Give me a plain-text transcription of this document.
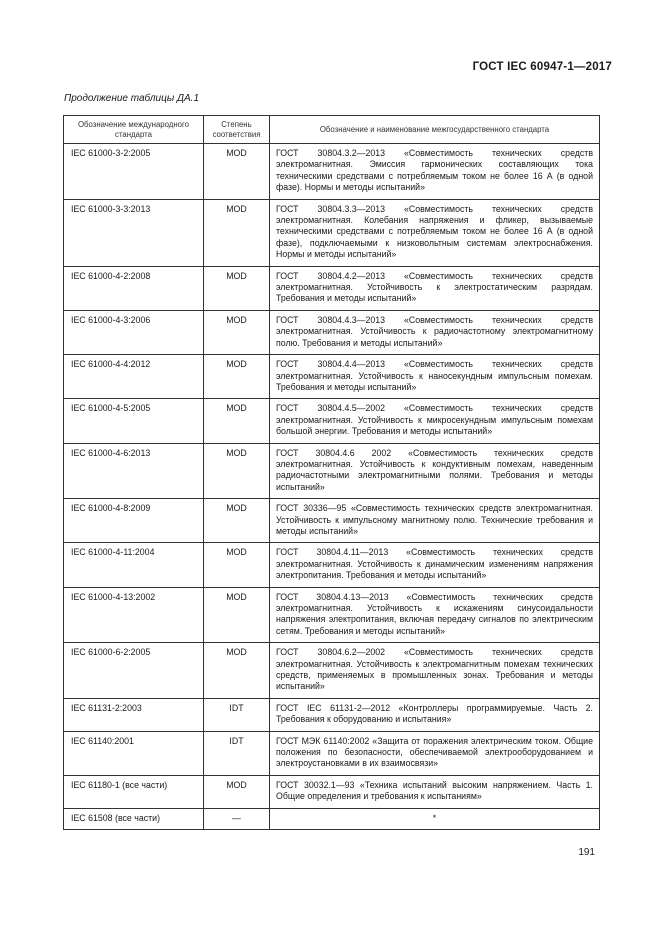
ГОСТ IEC 60947-1—2017
Продолжение таблицы ДА.1
Обозначение международного стандарта	Степень соответствия	Обозначение и наименование межгосударственного стандарта
IEC 61000-3-2:2005	MOD	ГОСТ 30804.3.2—2013 «Совместимость технических средств электромагнитная. Эмиссия гармонических составляющих тока техническими средствами с потребляемым током не более 16 А (в одной фазе). Нормы и методы испытаний»
IEC 61000-3-3:2013	MOD	ГОСТ 30804.3.3—2013 «Совместимость технических средств электромагнитная. Колебания напряжения и фликер, вызываемые техническими средствами с потребляемым током не более 16 А (в одной фазе), подключаемыми к низковольтным системам электроснабжения. Нормы и методы испытаний»
IEC 61000-4-2:2008	MOD	ГОСТ 30804.4.2—2013 «Совместимость технических средств электромагнитная. Устойчивость к электростатическим разрядам. Требования и методы испытаний»
IEC 61000-4-3:2006	MOD	ГОСТ 30804.4.3—2013 «Совместимость технических средств электромагнитная. Устойчивость к радиочастотному электромагнитному полю. Требования и методы испытаний»
IEC 61000-4-4:2012	MOD	ГОСТ 30804.4.4—2013 «Совместимость технических средств электромагнитная. Устойчивость к наносекундным импульсным помехам. Требования и методы испытаний»
IEC 61000-4-5:2005	MOD	ГОСТ 30804.4.5—2002 «Совместимость технических средств электромагнитная. Устойчивость к микросекундным импульсным помехам большой энергии. Требования и методы испытаний»
IEC 61000-4-6:2013	MOD	ГОСТ 30804.4.6 2002 «Совместимость технических средств электромагнитная. Устойчивость к кондуктивным помехам, наведенным радиочастотными электромагнитными полями. Требования и методы испытаний»
IEC 61000-4-8:2009	MOD	ГОСТ 30336—95 «Совместимость технических средств электромагнитная. Устойчивость к импульсному магнитному полю. Технические требования и методы испытаний»
IEC 61000-4-11:2004	MOD	ГОСТ 30804.4.11—2013 «Совместимость технических средств электромагнитная. Устойчивость к динамическим изменениям напряжения электропитания. Требования и методы испытаний»
IEC 61000-4-13:2002	MOD	ГОСТ 30804.4.13—2013 «Совместимость технических средств электромагнитная. Устойчивость к искажениям синусоидальности напряжения электропитания, включая передачу сигналов по электрическим сетям. Требования и методы испытаний»
IEC 61000-6-2:2005	MOD	ГОСТ 30804.6.2—2002 «Совместимость технических средств электромагнитная. Устойчивость к электромагнитным помехам технических средств, применяемых в промышленных зонах. Требования и методы испытаний»
IEC 61131-2:2003	IDT	ГОСТ IEC 61131-2—2012 «Контроллеры программируемые. Часть 2. Требования к оборудованию и испытания»
IEC 61140:2001	IDT	ГОСТ МЭК 61140:2002 «Защита от поражения электрическим током. Общие положения по безопасности, обеспечиваемой электрооборудованием и электроустановками в их взаимосвязи»
IEC 61180-1 (все части)	MOD	ГОСТ 30032.1—93 «Техника испытаний высоким напряжением. Часть 1. Общие определения и требования к испытаниям»
IEC 61508 (все части)	—	*
191
